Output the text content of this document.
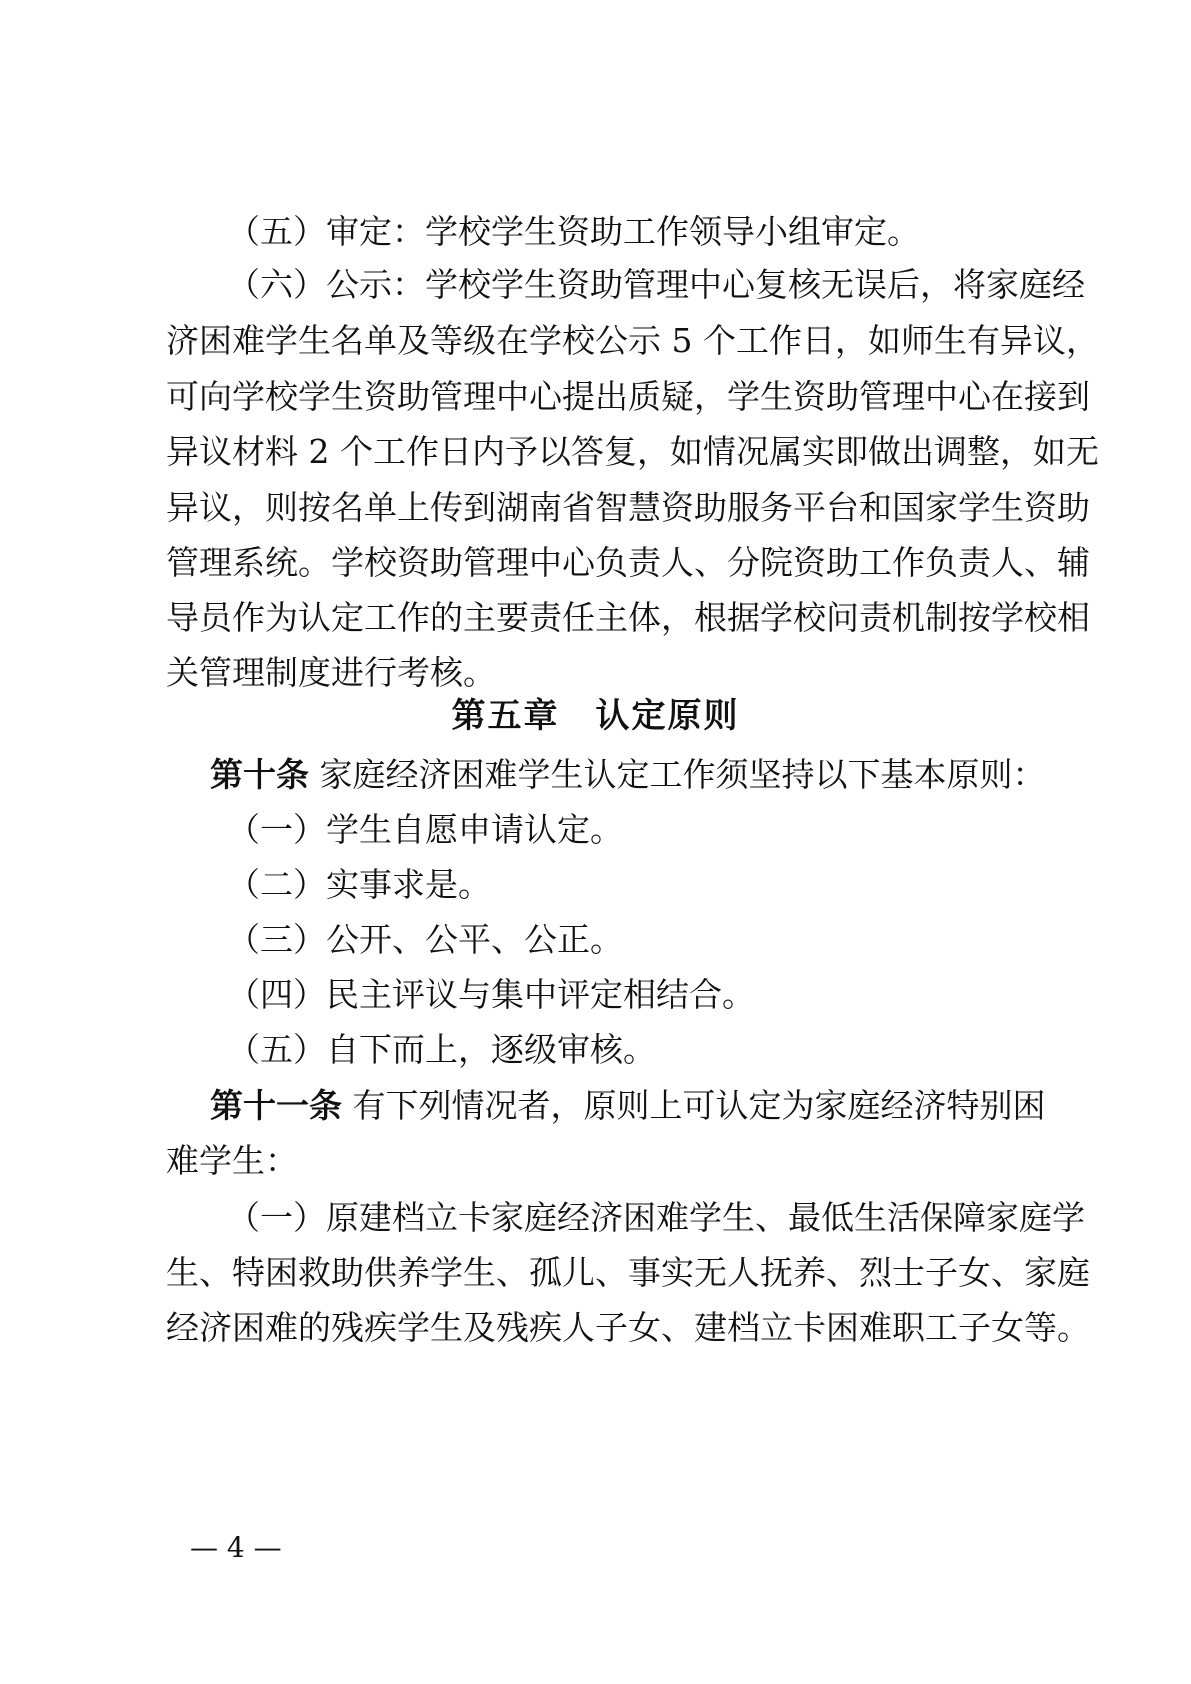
（五）审定：学校学生资助工作领导小组审定。
（六）公示：学校学生资助管理中心复核无误后，将家庭经
济困难学生名单及等级在学校公示 5 个工作日，如师生有异议，
可向学校学生资助管理中心提出质疑，学生资助管理中心在接到
异议材料 2 个工作日内予以答复，如情况属实即做出调整，如无
异议，则按名单上传到湖南省智慧资助服务平台和国家学生资助
管理系统。学校资助管理中心负责人、分院资助工作负责人、辅
导员作为认定工作的主要责任主体，根据学校问责机制按学校相
关管理制度进行考核。
第五章　认定原则
第十条 家庭经济困难学生认定工作须坚持以下基本原则：
（一）学生自愿申请认定。
（二）实事求是。
（三）公开、公平、公正。
（四）民主评议与集中评定相结合。
（五）自下而上，逐级审核。
第十一条 有下列情况者，原则上可认定为家庭经济特别困
难学生：
（一）原建档立卡家庭经济困难学生、最低生活保障家庭学
生、特困救助供养学生、孤儿、事实无人抚养、烈士子女、家庭
经济困难的残疾学生及残疾人子女、建档立卡困难职工子女等。
— 4 —
